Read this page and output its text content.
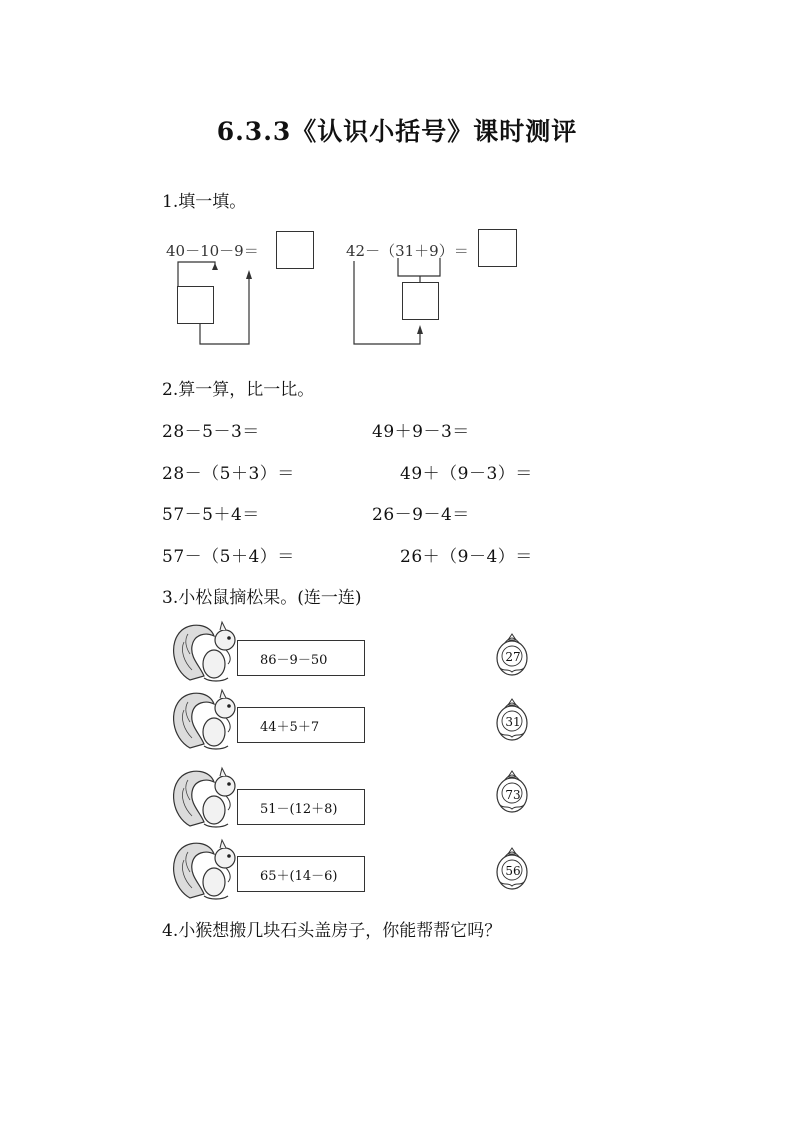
6.3.3《认识小括号》课时测评
1.填一填。
40－10－9＝	42－（31＋9）＝
2.算一算，比一比。
28－5－3＝	49＋9－3＝
28－（5＋3）＝	49＋（9－3）＝
57－5＋4＝	26－9－4＝
57－（5＋4）＝	26＋（9－4）＝
3.小松鼠摘松果。(连一连)
86－9－50	27
44＋5＋7	31
51－(12＋8)
73
65＋(14－6)	56
4.小猴想搬几块石头盖房子，你能帮帮它吗？
